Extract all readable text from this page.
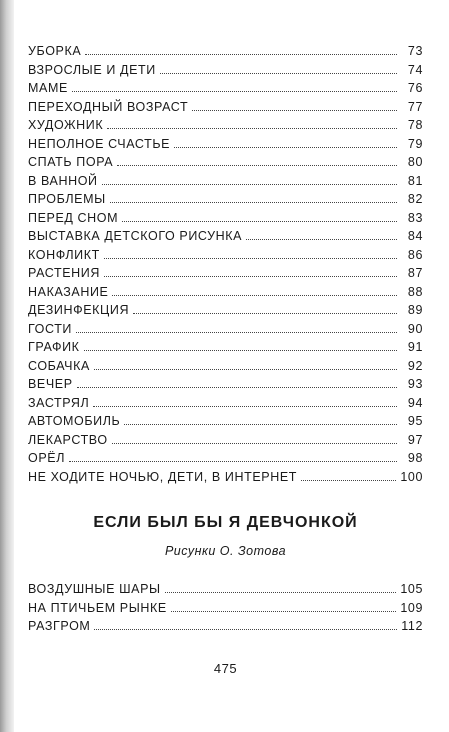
УБОРКА	73
ВЗРОСЛЫЕ И ДЕТИ	74
МАМЕ	76
ПЕРЕХОДНЫЙ ВОЗРАСТ	77
ХУДОЖНИК	78
НЕПОЛНОЕ СЧАСТЬЕ	79
СПАТЬ ПОРА	80
В ВАННОЙ	81
ПРОБЛЕМЫ	82
ПЕРЕД СНОМ	83
ВЫСТАВКА ДЕТСКОГО РИСУНКА	84
КОНФЛИКТ	86
РАСТЕНИЯ	87
НАКАЗАНИЕ	88
ДЕЗИНФЕКЦИЯ	89
ГОСТИ	90
ГРАФИК	91
СОБАЧКА	92
ВЕЧЕР	93
ЗАСТРЯЛ	94
АВТОМОБИЛЬ	95
ЛЕКАРСТВО	97
ОРЁЛ	98
НЕ ХОДИТЕ НОЧЬЮ, ДЕТИ, В ИНТЕРНЕТ	100
ЕСЛИ БЫЛ БЫ Я ДЕВЧОНКОЙ
Рисунки О. Зотова
ВОЗДУШНЫЕ ШАРЫ	105
НА ПТИЧЬЕМ РЫНКЕ	109
РАЗГРОМ	112
475
